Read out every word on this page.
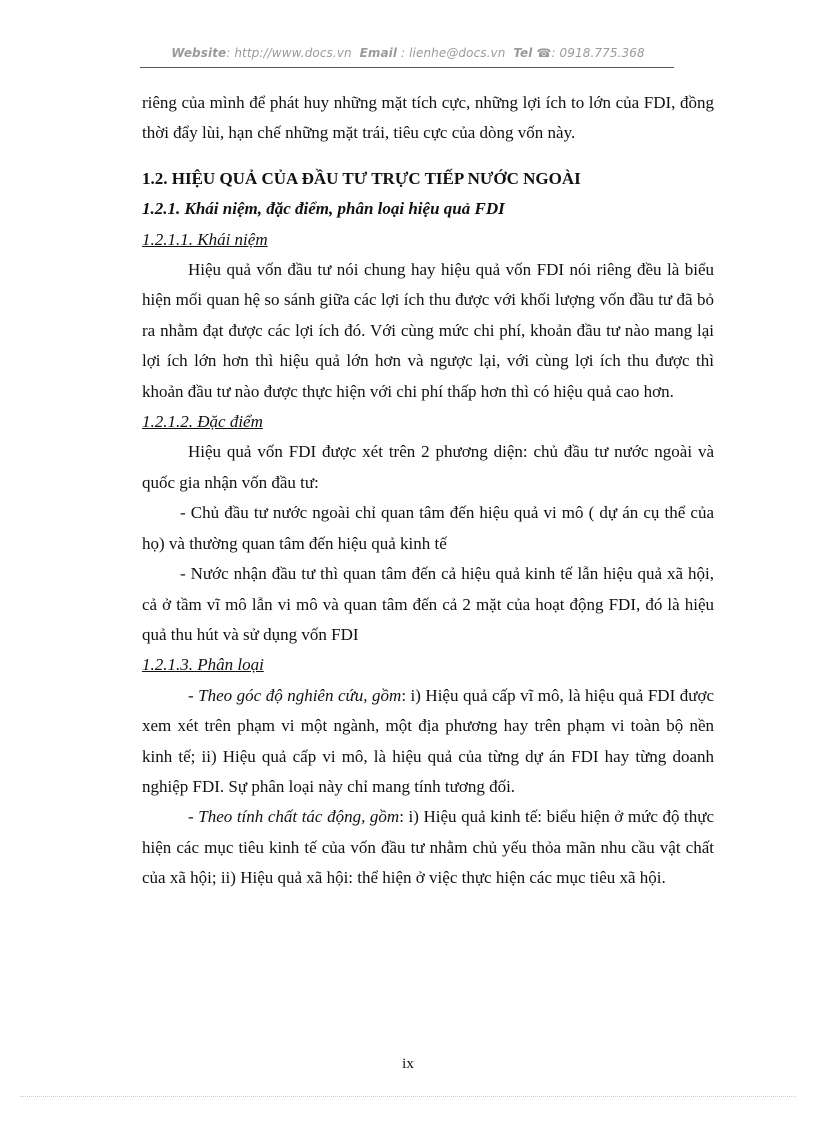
Website: http://www.docs.vn Email : lienhe@docs.vn Tel ☎: 0918.775.368

riêng của mình để phát huy những mặt tích cực, những lợi ích to lớn của FDI, đồng thời đẩy lùi, hạn chế những mặt trái, tiêu cực của dòng vốn này.

1.2. HIỆU QUẢ CỦA ĐẦU TƯ TRỰC TIẾP NƯỚC NGOÀI

1.2.1. Khái niệm, đặc điểm, phân loại hiệu quả FDI

1.2.1.1. Khái niệm

Hiệu quả vốn đầu tư nói chung hay hiệu quả vốn FDI nói riêng đều là biểu hiện mối quan hệ so sánh giữa các lợi ích thu được với khối lượng vốn đầu tư đã bỏ ra nhằm đạt được các lợi ích đó. Với cùng mức chi phí, khoản đầu tư nào mang lại lợi ích lớn hơn thì hiệu quả lớn hơn và ngược lại, với cùng lợi ích thu được thì khoản đầu tư nào được thực hiện với chi phí thấp hơn thì có hiệu quả cao hơn.

1.2.1.2. Đặc điểm

Hiệu quả vốn FDI được xét trên 2 phương diện: chủ đầu tư nước ngoài và quốc gia nhận vốn đầu tư:

- Chủ đầu tư nước ngoài chỉ quan tâm đến hiệu quả vi mô ( dự án cụ thể của họ) và thường quan tâm đến hiệu quả kinh tế

- Nước nhận đầu tư thì quan tâm đến cả hiệu quả kinh tế lẫn hiệu quả xã hội, cả ở tầm vĩ mô lẫn vi mô và quan tâm đến cả 2 mặt của hoạt động FDI, đó là hiệu quả thu hút và sử dụng vốn FDI

1.2.1.3. Phân loại

- Theo góc độ nghiên cứu, gồm: i) Hiệu quả cấp vĩ mô, là hiệu quả FDI được xem xét trên phạm vi một ngành, một địa phương hay trên phạm vi toàn bộ nền kinh tế; ii) Hiệu quả cấp vi mô, là hiệu quả của từng dự án FDI hay từng doanh nghiệp FDI. Sự phân loại này chỉ mang tính tương đối.

- Theo tính chất tác động, gồm: i) Hiệu quả kinh tế: biểu hiện ở mức độ thực hiện các mục tiêu kinh tế của vốn đầu tư nhằm chủ yếu thỏa mãn nhu cầu vật chất của xã hội; ii) Hiệu quả xã hội: thể hiện ở việc thực hiện các mục tiêu xã hội.

ix
